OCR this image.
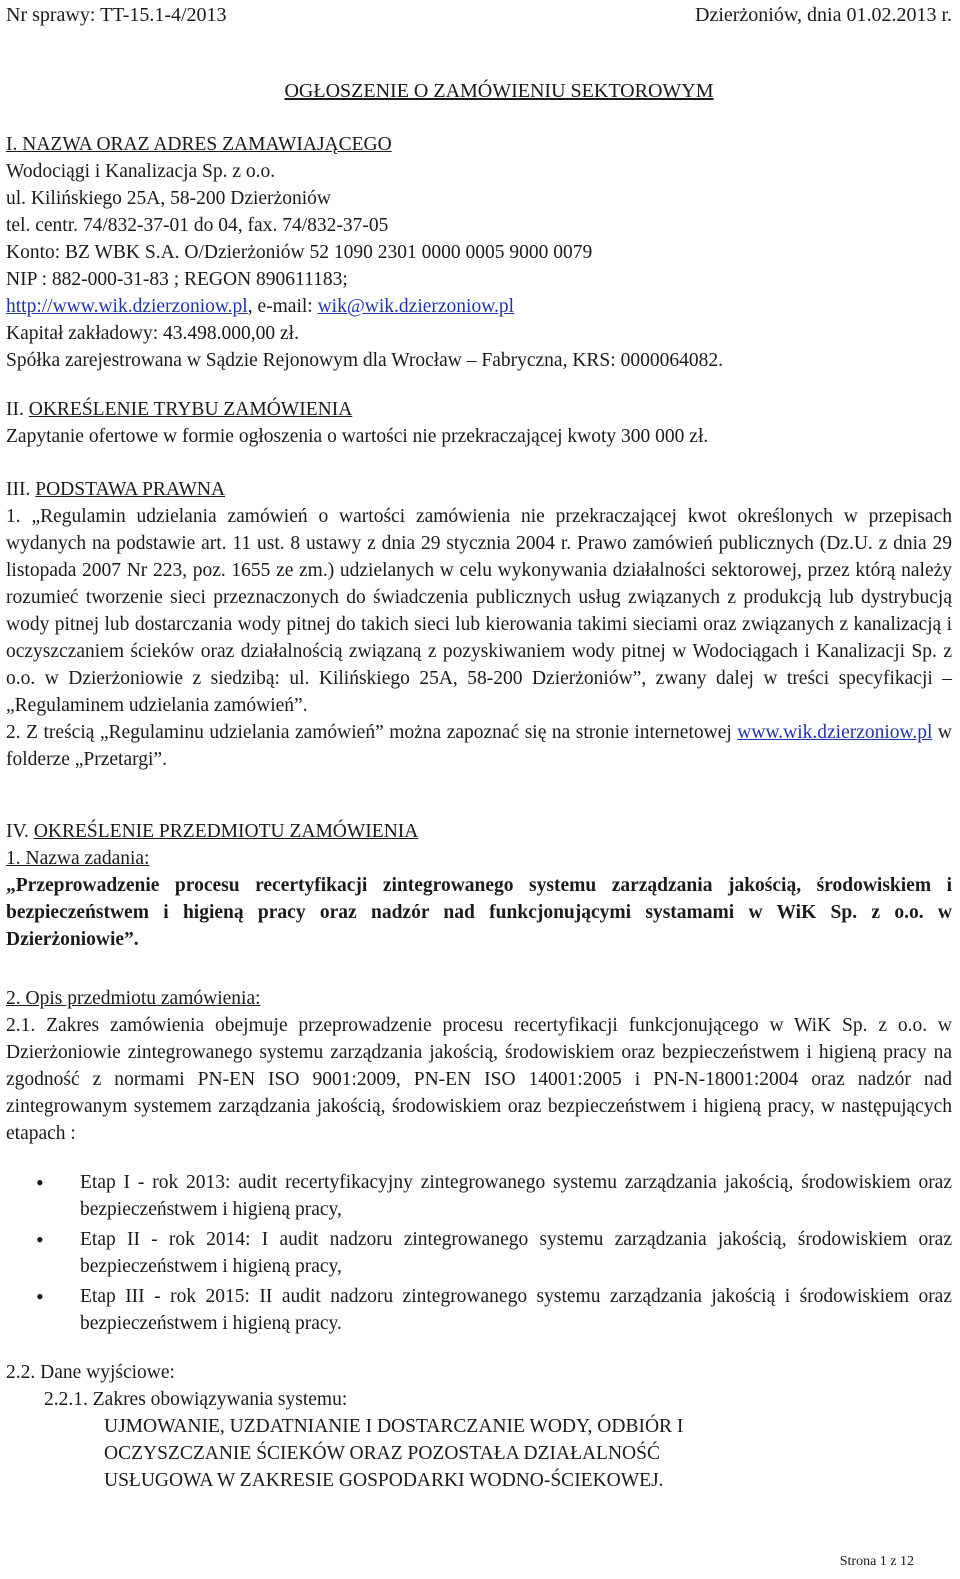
Nr sprawy: TT-15.1-4/2013	Dzierżoniów, dnia 01.02.2013 r.
OGŁOSZENIE O ZAMÓWIENIU SEKTOROWYM
I. NAZWA ORAZ ADRES ZAMAWIAJĄCEGO
Wodociągi i Kanalizacja Sp. z o.o.
ul. Kilińskiego 25A, 58-200 Dzierżoniów
tel. centr. 74/832-37-01 do 04, fax. 74/832-37-05
Konto: BZ WBK S.A. O/Dzierżoniów 52 1090 2301 0000 0005 9000 0079
NIP : 882-000-31-83 ; REGON 890611183;
http://www.wik.dzierzoniow.pl, e-mail: wik@wik.dzierzoniow.pl
Kapitał zakładowy: 43.498.000,00 zł.
Spółka zarejestrowana w Sądzie Rejonowym dla Wrocław – Fabryczna, KRS: 0000064082.
II. OKREŚLENIE TRYBU ZAMÓWIENIA
Zapytanie ofertowe w formie ogłoszenia o wartości nie przekraczającej kwoty 300 000 zł.
III. PODSTAWA PRAWNA
1. „Regulamin udzielania zamówień o wartości zamówienia nie przekraczającej kwot określonych w przepisach wydanych na podstawie art. 11 ust. 8 ustawy z dnia 29 stycznia 2004 r. Prawo zamówień publicznych (Dz.U. z dnia 29 listopada 2007 Nr 223, poz. 1655 ze zm.) udzielanych w celu wykonywania działalności sektorowej, przez którą należy rozumieć tworzenie sieci przeznaczonych do świadczenia publicznych usług związanych z produkcją lub dystrybucją wody pitnej lub dostarczania wody pitnej do takich sieci lub kierowania takimi sieciami oraz związanych z kanalizacją i oczyszczaniem ścieków oraz działalnością związaną z pozyskiwaniem wody pitnej w Wodociągach i Kanalizacji Sp. z o.o. w Dzierżoniowie z siedzibą: ul. Kilińskiego 25A, 58-200 Dzierżoniów”, zwany dalej w treści specyfikacji – „Regulaminem udzielania zamówień”.
2. Z treścią „Regulaminu udzielania zamówień” można zapoznać się na stronie internetowej www.wik.dzierzoniow.pl w folderze „Przetargi”.
IV. OKREŚLENIE PRZEDMIOTU ZAMÓWIENIA
1. Nazwa zadania:
„Przeprowadzenie procesu recertyfikacji zintegrowanego systemu zarządzania jakością, środowiskiem i bezpieczeństwem i higieną pracy oraz nadzór nad funkcjonującymi systamami w WiK Sp. z o.o. w Dzierżoniowie”.
2. Opis przedmiotu zamówienia:
2.1. Zakres zamówienia obejmuje przeprowadzenie procesu recertyfikacji funkcjonującego w WiK Sp. z o.o. w Dzierżoniowie zintegrowanego systemu zarządzania jakością, środowiskiem oraz bezpieczeństwem i higieną pracy na zgodność z normami PN-EN ISO 9001:2009, PN-EN ISO 14001:2005 i PN-N-18001:2004 oraz nadzór nad zintegrowanym systemem zarządzania jakością, środowiskiem oraz bezpieczeństwem i higieną pracy, w następujących etapach :
• Etap I - rok 2013: audit recertyfikacyjny zintegrowanego systemu zarządzania jakością, środowiskiem oraz bezpieczeństwem i higieną pracy,
• Etap II - rok 2014: I audit nadzoru zintegrowanego systemu zarządzania jakością, środowiskiem oraz bezpieczeństwem i higieną pracy,
• Etap III - rok 2015: II audit nadzoru zintegrowanego systemu zarządzania jakością i środowiskiem oraz bezpieczeństwem i higieną pracy.
2.2. Dane wyjściowe:
2.2.1. Zakres obowiązywania systemu:
UJMOWANIE, UZDATNIANIE I DOSTARCZANIE WODY, ODBIÓR I
OCZYSZCZANIE ŚCIEKÓW ORAZ POZOSTAŁA DZIAŁALNOŚĆ
USŁUGOWA W ZAKRESIE GOSPODARKI WODNO-ŚCIEKOWEJ.
Strona 1 z 12
